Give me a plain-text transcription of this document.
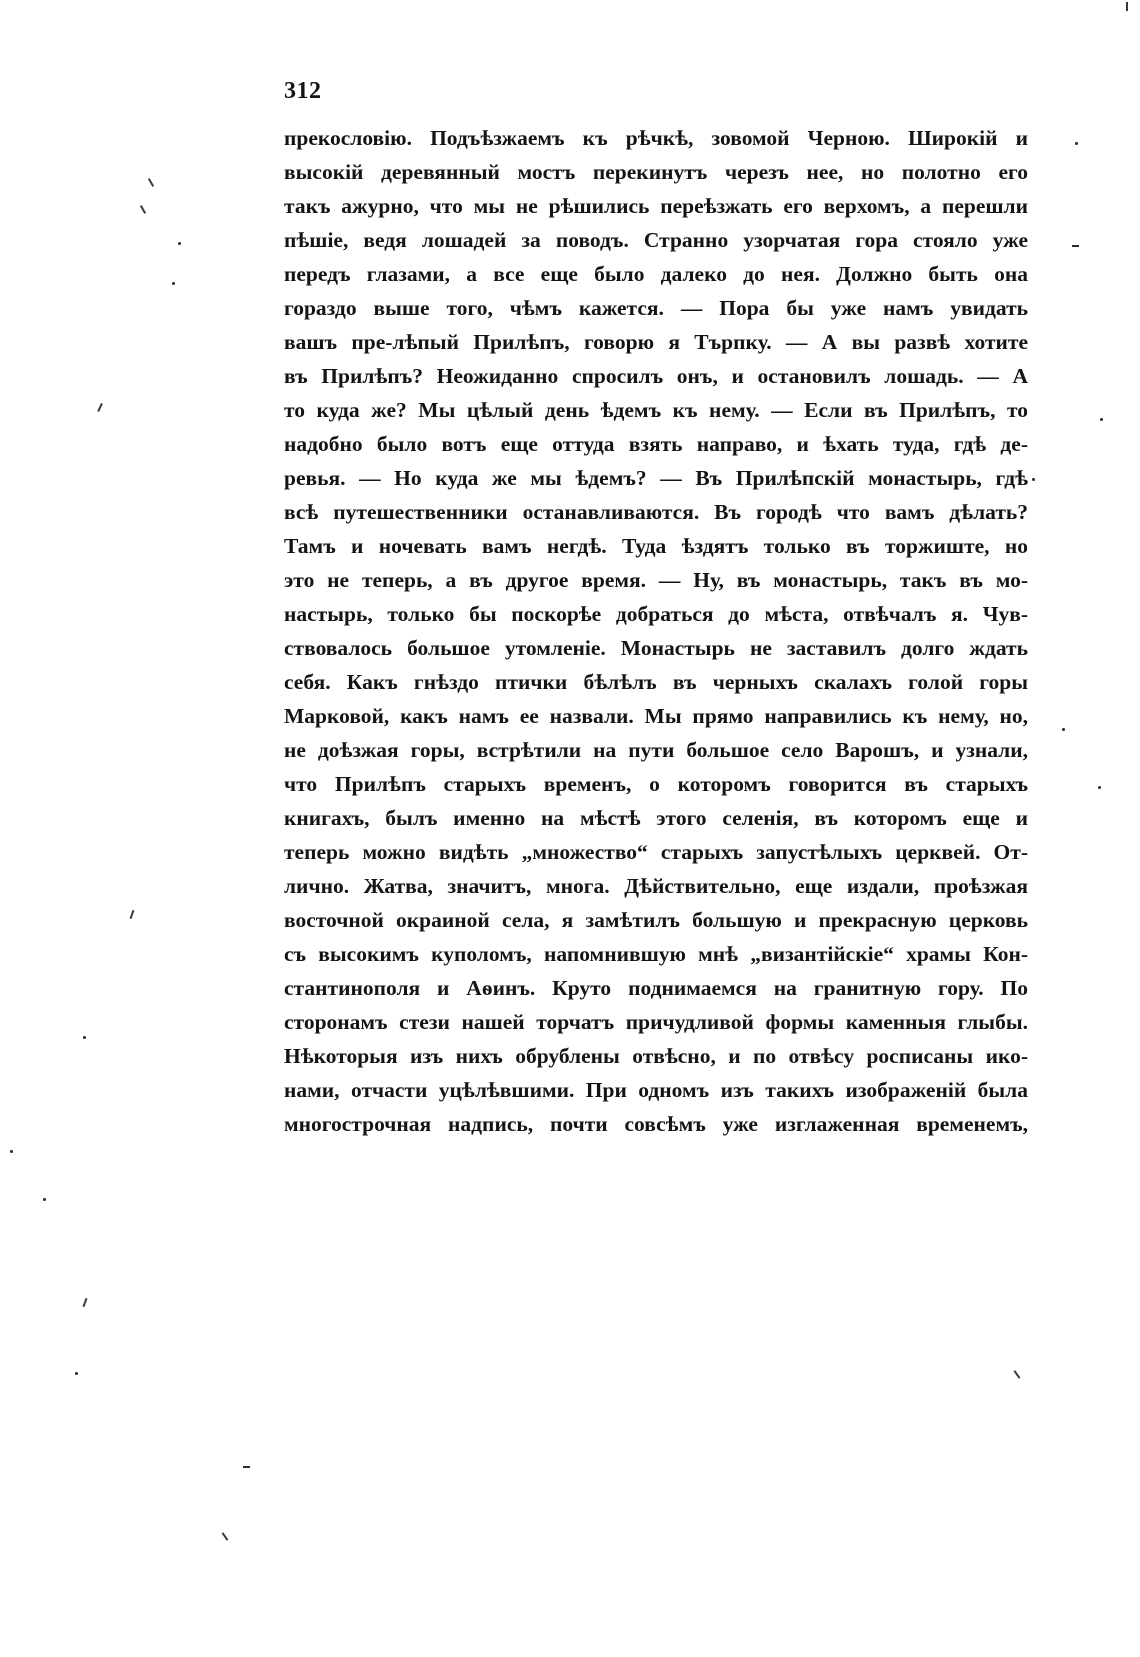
312
прекословію. Подъѣзжаемъ къ рѣчкѣ, зовомой Черною. Широкій и
высокій деревянный мостъ перекинутъ черезъ нее, но полотно его
такъ ажурно, что мы не рѣшились переѣзжать его верхомъ, а перешли
пѣшіе, ведя лошадей за поводъ. Странно узорчатая гора стояло уже
передъ глазами, а все еще было далеко до нея. Должно быть она
гораздо выше того, чѣмъ кажется. — Пора бы уже намъ увидать
вашъ пре-лѣпый Прилѣпъ, говорю я Търпку. — А вы развѣ хотите
въ Прилѣпъ? Неожиданно спросилъ онъ, и остановилъ лошадь. — А
то куда же? Мы цѣлый день ѣдемъ къ нему. — Если въ Прилѣпъ, то
надобно было вотъ еще оттуда взять направо, и ѣхать туда, гдѣ де-
ревья. — Но куда же мы ѣдемъ? — Въ Прилѣпскій монастырь, гдѣ
всѣ путешественники останавливаются. Въ городѣ что вамъ дѣлать?
Тамъ и ночевать вамъ негдѣ. Туда ѣздятъ только въ торжиште, но
это не теперь, а въ другое время. — Ну, въ монастырь, такъ въ мо-
настырь, только бы поскорѣе добраться до мѣста, отвѣчалъ я. Чув-
ствовалось большое утомленіе. Монастырь не заставилъ долго ждать
себя. Какъ гнѣздо птички бѣлѣлъ въ черныхъ скалахъ голой горы
Марковой, какъ намъ ее назвали. Мы прямо направились къ нему, но,
не доѣзжая горы, встрѣтили на пути большое село Варошъ, и узнали,
что Прилѣпъ старыхъ временъ, о которомъ говорится въ старыхъ
книгахъ, былъ именно на мѣстѣ этого селенія, въ которомъ еще и
теперь можно видѣть „множество“ старыхъ запустѣлыхъ церквей. От-
лично. Жатва, значитъ, многа. Дѣйствительно, еще издали, проѣзжая
восточной окраиной села, я замѣтилъ большую и прекрасную церковь
съ высокимъ куполомъ, напомнившую мнѣ „византійскіе“ храмы Кон-
стантинополя и Аѳинъ. Круто поднимаемся на гранитную гору. По
сторонамъ стези нашей торчатъ причудливой формы каменныя глыбы.
Нѣкоторыя изъ нихъ обрублены отвѣсно, и по отвѣсу росписаны ико-
нами, отчасти уцѣлѣвшими. При одномъ изъ такихъ изображеній была
многострочная надпись, почти совсѣмъ уже изглаженная временемъ,
